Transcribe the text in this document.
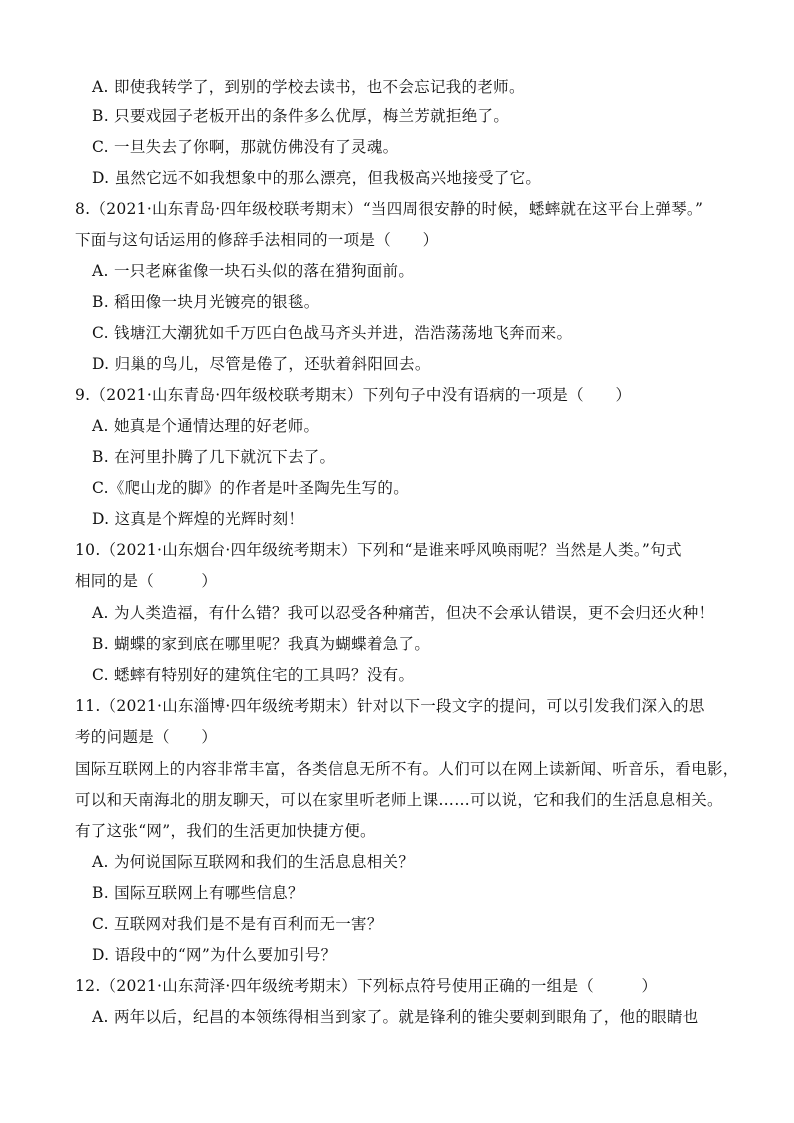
A. 即使我转学了，到别的学校去读书，也不会忘记我的老师。
B. 只要戏园子老板开出的条件多么优厚，梅兰芳就拒绝了。
C. 一旦失去了你啊，那就仿佛没有了灵魂。
D. 虽然它远不如我想象中的那么漂亮，但我极高兴地接受了它。
8.（2021·山东青岛·四年级校联考期末）“当四周很安静的时候，蟋蟀就在这平台上弹琴。”
下面与这句话运用的修辞手法相同的一项是（　　）
A. 一只老麻雀像一块石头似的落在猎狗面前。
B. 稻田像一块月光镀亮的银毯。
C. 钱塘江大潮犹如千万匹白色战马齐头并进，浩浩荡荡地飞奔而来。
D. 归巢的鸟儿，尽管是倦了，还驮着斜阳回去。
9.（2021·山东青岛·四年级校联考期末）下列句子中没有语病的一项是（　　）
A. 她真是个通情达理的好老师。
B. 在河里扑腾了几下就沉下去了。
C.《爬山龙的脚》的作者是叶圣陶先生写的。
D. 这真是个辉煌的光辉时刻！
10.（2021·山东烟台·四年级统考期末）下列和“是谁来呼风唤雨呢？当然是人类。”句式
相同的是（　　　）
A. 为人类造福，有什么错？我可以忍受各种痛苦，但决不会承认错误，更不会归还火种！
B. 蝴蝶的家到底在哪里呢？我真为蝴蝶着急了。
C. 蟋蟀有特别好的建筑住宅的工具吗？没有。
11.（2021·山东淄博·四年级统考期末）针对以下一段文字的提问，可以引发我们深入的思
考的问题是（　　）
国际互联网上的内容非常丰富，各类信息无所不有。人们可以在网上读新闻、听音乐，看电影，
可以和天南海北的朋友聊天，可以在家里听老师上课……可以说，它和我们的生活息息相关。
有了这张“网”，我们的生活更加快捷方便。
A. 为何说国际互联网和我们的生活息息相关？
B. 国际互联网上有哪些信息？
C. 互联网对我们是不是有百利而无一害？
D. 语段中的“网”为什么要加引号？
12.（2021·山东菏泽·四年级统考期末）下列标点符号使用正确的一组是（　　　）
A. 两年以后，纪昌的本领练得相当到家了。就是锋利的锥尖要刺到眼角了，他的眼睛也
